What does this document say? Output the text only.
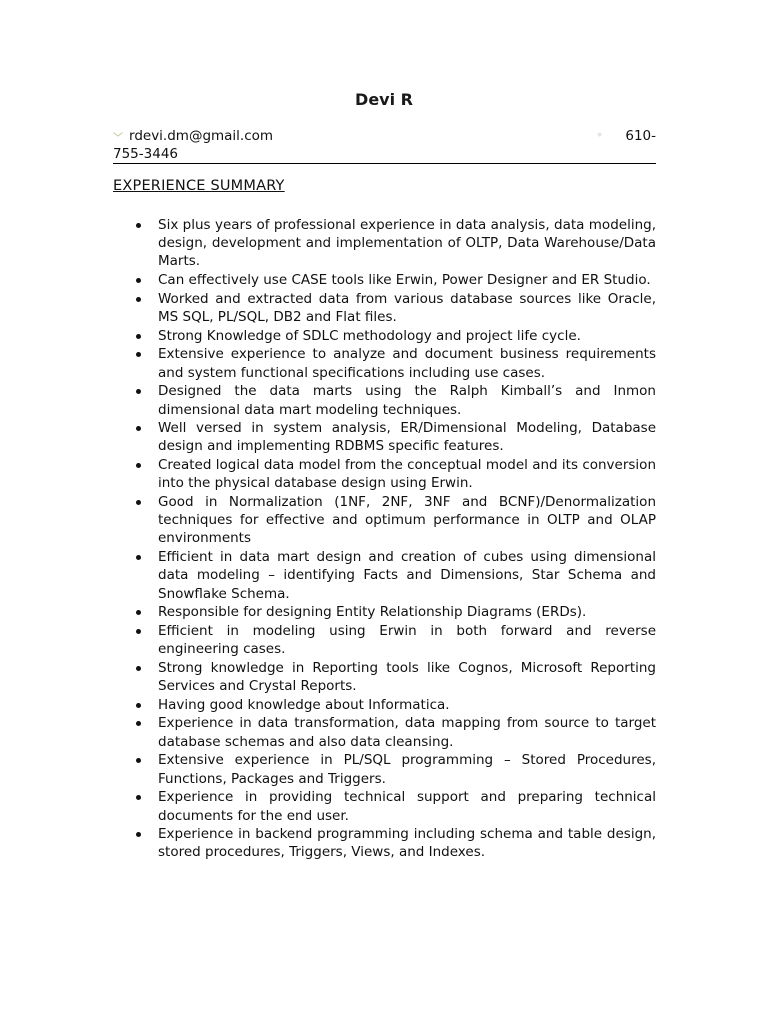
Devi R
rdevi.dm@gmail.com	610-
755-3446
EXPERIENCE SUMMARY
Six plus years of professional experience in data analysis, data modeling, design, development and implementation of OLTP, Data Warehouse/Data Marts.
Can effectively use CASE tools like Erwin, Power Designer and ER Studio.
Worked and extracted data from various database sources like Oracle, MS SQL, PL/SQL, DB2 and Flat files.
Strong Knowledge of SDLC methodology and project life cycle.
Extensive experience to analyze and document business requirements and system functional specifications including use cases.
Designed the data marts using the Ralph Kimball’s and Inmon dimensional data mart modeling techniques.
Well versed in system analysis, ER/Dimensional Modeling, Database design and implementing RDBMS specific features.
Created logical data model from the conceptual model and its conversion into the physical database design using Erwin.
Good in Normalization (1NF, 2NF, 3NF and BCNF)/Denormalization techniques for effective and optimum performance in OLTP and OLAP environments
Efficient in data mart design and creation of cubes using dimensional data modeling – identifying Facts and Dimensions, Star Schema and Snowflake Schema.
Responsible for designing Entity Relationship Diagrams (ERDs).
Efficient in modeling using Erwin in both forward and reverse engineering cases.
Strong knowledge in Reporting tools like Cognos, Microsoft Reporting Services and Crystal Reports.
Having good knowledge about Informatica.
Experience in data transformation, data mapping from source to target database schemas and also data cleansing.
Extensive experience in PL/SQL programming – Stored Procedures, Functions, Packages and Triggers.
Experience in providing technical support and preparing technical documents for the end user.
Experience in backend programming including schema and table design, stored procedures, Triggers, Views, and Indexes.
